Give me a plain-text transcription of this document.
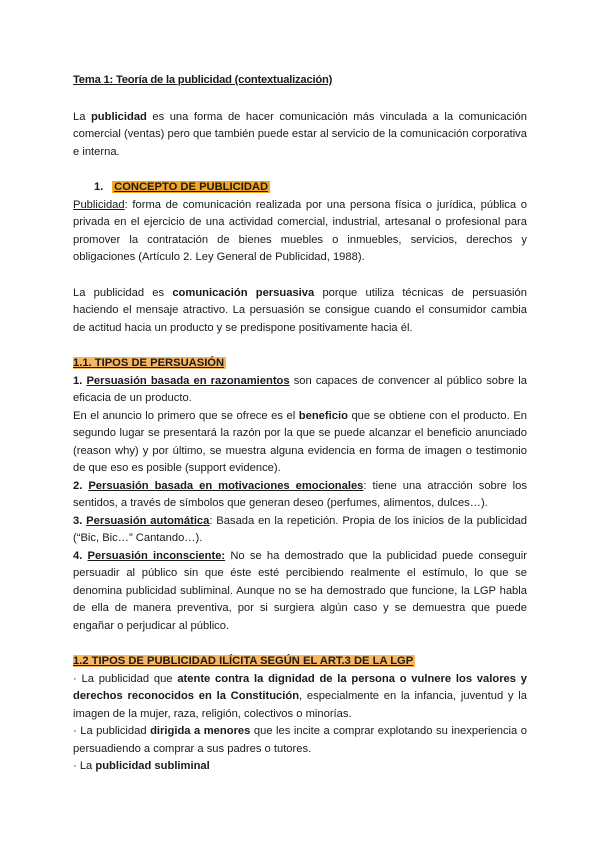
Tema 1: Teoría de la publicidad (contextualización)

La publicidad es una forma de hacer comunicación más vinculada a la comunicación comercial (ventas) pero que también puede estar al servicio de la comunicación corporativa e interna.

1. CONCEPTO DE PUBLICIDAD

Publicidad: forma de comunicación realizada por una persona física o jurídica, pública o privada en el ejercicio de una actividad comercial, industrial, artesanal o profesional para promover la contratación de bienes muebles o inmuebles, servicios, derechos y obligaciones (Artículo 2. Ley General de Publicidad, 1988).

La publicidad es comunicación persuasiva porque utiliza técnicas de persuasión haciendo el mensaje atractivo. La persuasión se consigue cuando el consumidor cambia de actitud hacia un producto y se predispone positivamente hacia él.

1.1. TIPOS DE PERSUASIÓN

1. Persuasión basada en razonamientos son capaces de convencer al público sobre la eficacia de un producto.

En el anuncio lo primero que se ofrece es el beneficio que se obtiene con el producto. En segundo lugar se presentará la razón por la que se puede alcanzar el beneficio anunciado (reason why) y por último, se muestra alguna evidencia en forma de imagen o testimonio de que eso es posible (support evidence).

2. Persuasión basada en motivaciones emocionales: tiene una atracción sobre los sentidos, a través de símbolos que generan deseo (perfumes, alimentos, dulces…).

3. Persuasión automática: Basada en la repetición. Propia de los inicios de la publicidad (“Bic, Bic…” Cantando…).

4. Persuasión inconsciente: No se ha demostrado que la publicidad puede conseguir persuadir al público sin que éste esté percibiendo realmente el estímulo, lo que se denomina publicidad subliminal. Aunque no se ha demostrado que funcione, la LGP habla de ella de manera preventiva, por si surgiera algún caso y se demuestra que puede engañar o perjudicar al público.

1.2 TIPOS DE PUBLICIDAD ILÍCITA SEGÚN EL ART.3 DE LA LGP

· La publicidad que atente contra la dignidad de la persona o vulnere los valores y derechos reconocidos en la Constitución, especialmente en la infancia, juventud y la imagen de la mujer, raza, religión, colectivos o minorías.

· La publicidad dirigida a menores que les incite a comprar explotando su inexperiencia o persuadiendo a comprar a sus padres o tutores.

· La publicidad subliminal
